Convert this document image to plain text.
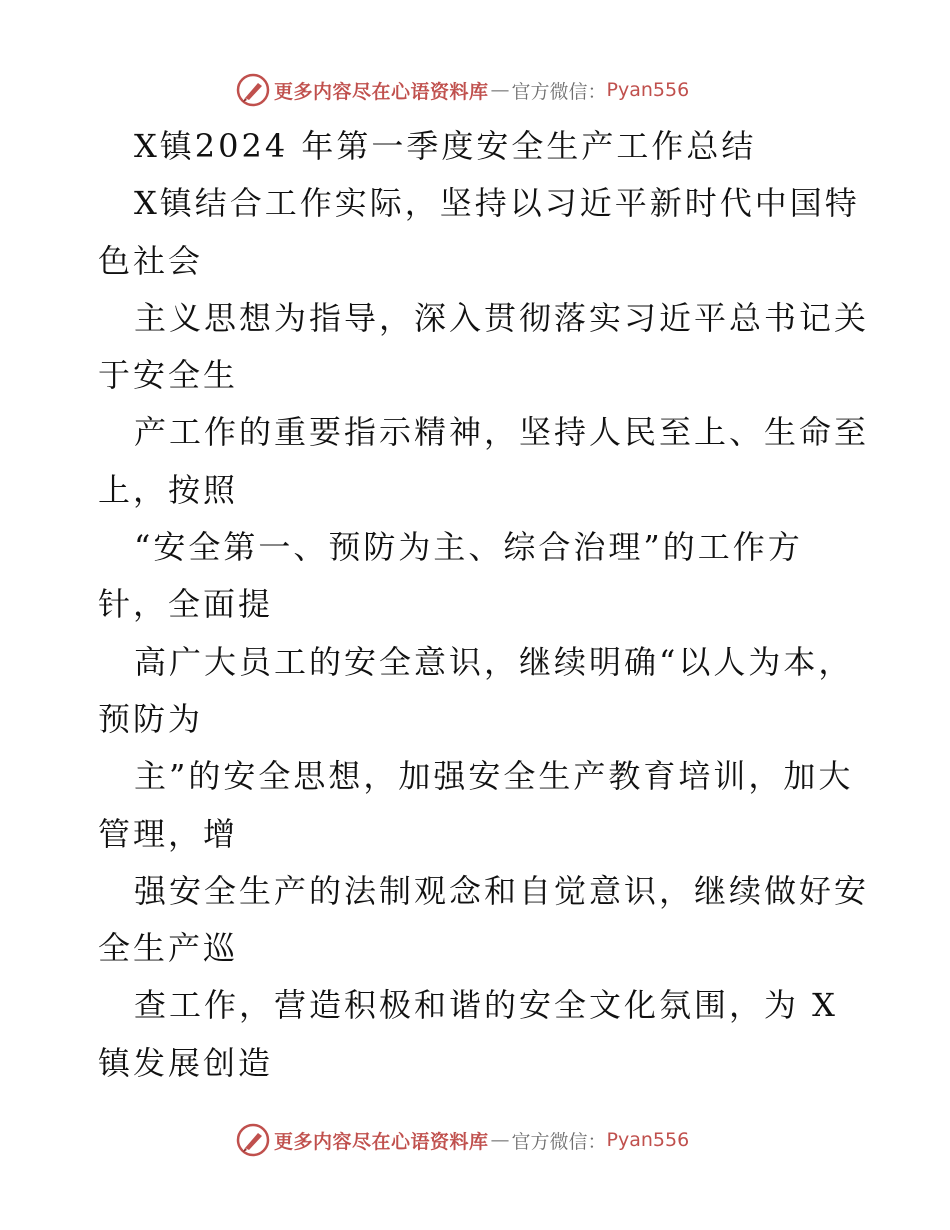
更多内容尽在心语资料库 — 官方微信： Pyan556
X镇2024 年第一季度安全生产工作总结
X镇结合工作实际，坚持以习近平新时代中国特
色社会
主义思想为指导，深入贯彻落实习近平总书记关
于安全生
产工作的重要指示精神，坚持人民至上、生命至
上，按照
“安全第一、预防为主、综合治理”的工作方
针，全面提
高广大员工的安全意识，继续明确“以人为本，
预防为
主”的安全思想，加强安全生产教育培训，加大
管理，增
强安全生产的法制观念和自觉意识，继续做好安
全生产巡
查工作，营造积极和谐的安全文化氛围，为 X
镇发展创造
更多内容尽在心语资料库 — 官方微信： Pyan556
